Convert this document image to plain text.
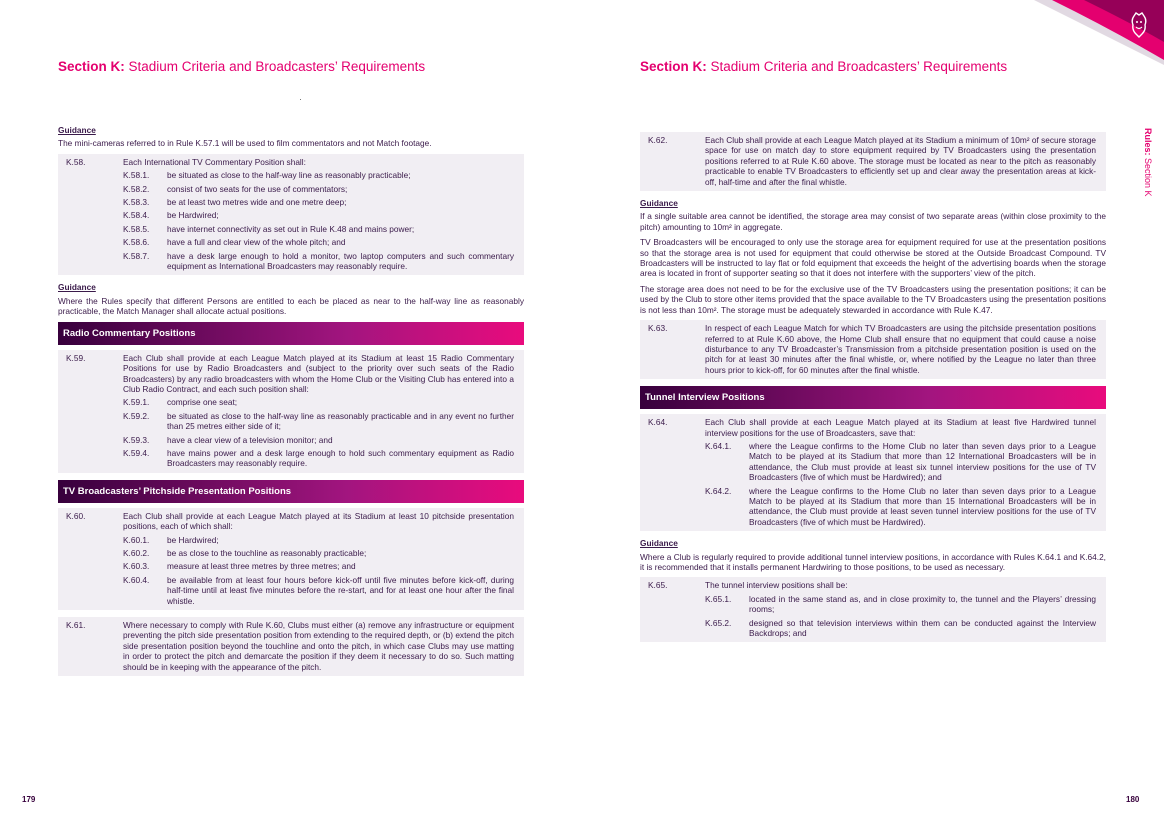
Section K: Stadium Criteria and Broadcasters’ Requirements
Guidance
The mini-cameras referred to in Rule K.57.1 will be used to film commentators and not Match footage.
K.58.	Each International TV Commentary Position shall:
K.58.1.	be situated as close to the half-way line as reasonably practicable;
K.58.2.	consist of two seats for the use of commentators;
K.58.3.	be at least two metres wide and one metre deep;
K.58.4.	be Hardwired;
K.58.5.	have internet connectivity as set out in Rule K.48 and mains power;
K.58.6.	have a full and clear view of the whole pitch; and
K.58.7.	have a desk large enough to hold a monitor, two laptop computers and such commentary equipment as International Broadcasters may reasonably require.
Guidance
Where the Rules specify that different Persons are entitled to each be placed as near to the half-way line as reasonably practicable, the Match Manager shall allocate actual positions.
Radio Commentary Positions
K.59.	Each Club shall provide at each League Match played at its Stadium at least 15 Radio Commentary Positions for use by Radio Broadcasters and (subject to the priority over such seats of the Radio Broadcasters) by any radio broadcasters with whom the Home Club or the Visiting Club has entered into a Club Radio Contract, and each such position shall:
K.59.1.	comprise one seat;
K.59.2.	be situated as close to the half-way line as reasonably practicable and in any event no further than 25 metres either side of it;
K.59.3.	have a clear view of a television monitor; and
K.59.4.	have mains power and a desk large enough to hold such commentary equipment as Radio Broadcasters may reasonably require.
TV Broadcasters’ Pitchside Presentation Positions
K.60.	Each Club shall provide at each League Match played at its Stadium at least 10 pitchside presentation positions, each of which shall:
K.60.1.	be Hardwired;
K.60.2.	be as close to the touchline as reasonably practicable;
K.60.3.	measure at least three metres by three metres; and
K.60.4.	be available from at least four hours before kick-off until five minutes before kick-off, during half-time until at least five minutes before the re-start, and for at least one hour after the final whistle.
K.61.	Where necessary to comply with Rule K.60, Clubs must either (a) remove any infrastructure or equipment preventing the pitch side presentation position from extending to the required depth, or (b) extend the pitch side presentation position beyond the touchline and onto the pitch, in which case Clubs may use matting in order to protect the pitch and demarcate the position if they deem it necessary to do so. Such matting should be in keeping with the appearance of the pitch.
179
Section K: Stadium Criteria and Broadcasters’ Requirements
Rules: Section K
K.62.	Each Club shall provide at each League Match played at its Stadium a minimum of 10m² of secure storage space for use on match day to store equipment required by TV Broadcasters using the presentation positions referred to at Rule K.60 above. The storage must be located as near to the pitch as reasonably practicable to enable TV Broadcasters to efficiently set up and clear away the presentation areas at kick-off, half-time and after the final whistle.
Guidance
If a single suitable area cannot be identified, the storage area may consist of two separate areas (within close proximity to the pitch) amounting to 10m² in aggregate.
TV Broadcasters will be encouraged to only use the storage area for equipment required for use at the presentation positions so that the storage area is not used for equipment that could otherwise be stored at the Outside Broadcast Compound. TV Broadcasters will be instructed to lay flat or fold equipment that exceeds the height of the advertising boards when the storage area is located in front of supporter seating so that it does not interfere with the supporters’ view of the pitch.
The storage area does not need to be for the exclusive use of the TV Broadcasters using the presentation positions; it can be used by the Club to store other items provided that the space available to the TV Broadcasters using the presentation positions is not less than 10m². The storage must be adequately stewarded in accordance with Rule K.47.
K.63.	In respect of each League Match for which TV Broadcasters are using the pitchside presentation positions referred to at Rule K.60 above, the Home Club shall ensure that no equipment that could cause a noise disturbance to any TV Broadcaster’s Transmission from a pitchside presentation position is used on the pitch for at least 30 minutes after the final whistle, or, where notified by the League no later than three hours prior to kick-off, for 60 minutes after the final whistle.
Tunnel Interview Positions
K.64.	Each Club shall provide at each League Match played at its Stadium at least five Hardwired tunnel interview positions for the use of Broadcasters, save that:
K.64.1.	where the League confirms to the Home Club no later than seven days prior to a League Match to be played at its Stadium that more than 12 International Broadcasters will be in attendance, the Club must provide at least six tunnel interview positions for the use of TV Broadcasters (five of which must be Hardwired); and
K.64.2.	where the League confirms to the Home Club no later than seven days prior to a League Match to be played at its Stadium that more than 15 International Broadcasters will be in attendance, the Club must provide at least seven tunnel interview positions for the use of TV Broadcasters (five of which must be Hardwired).
Guidance
Where a Club is regularly required to provide additional tunnel interview positions, in accordance with Rules K.64.1 and K.64.2, it is recommended that it installs permanent Hardwiring to those positions, to be used as necessary.
K.65.	The tunnel interview positions shall be:
K.65.1.	located in the same stand as, and in close proximity to, the tunnel and the Players’ dressing rooms;
K.65.2.	designed so that television interviews within them can be conducted against the Interview Backdrops; and
180
